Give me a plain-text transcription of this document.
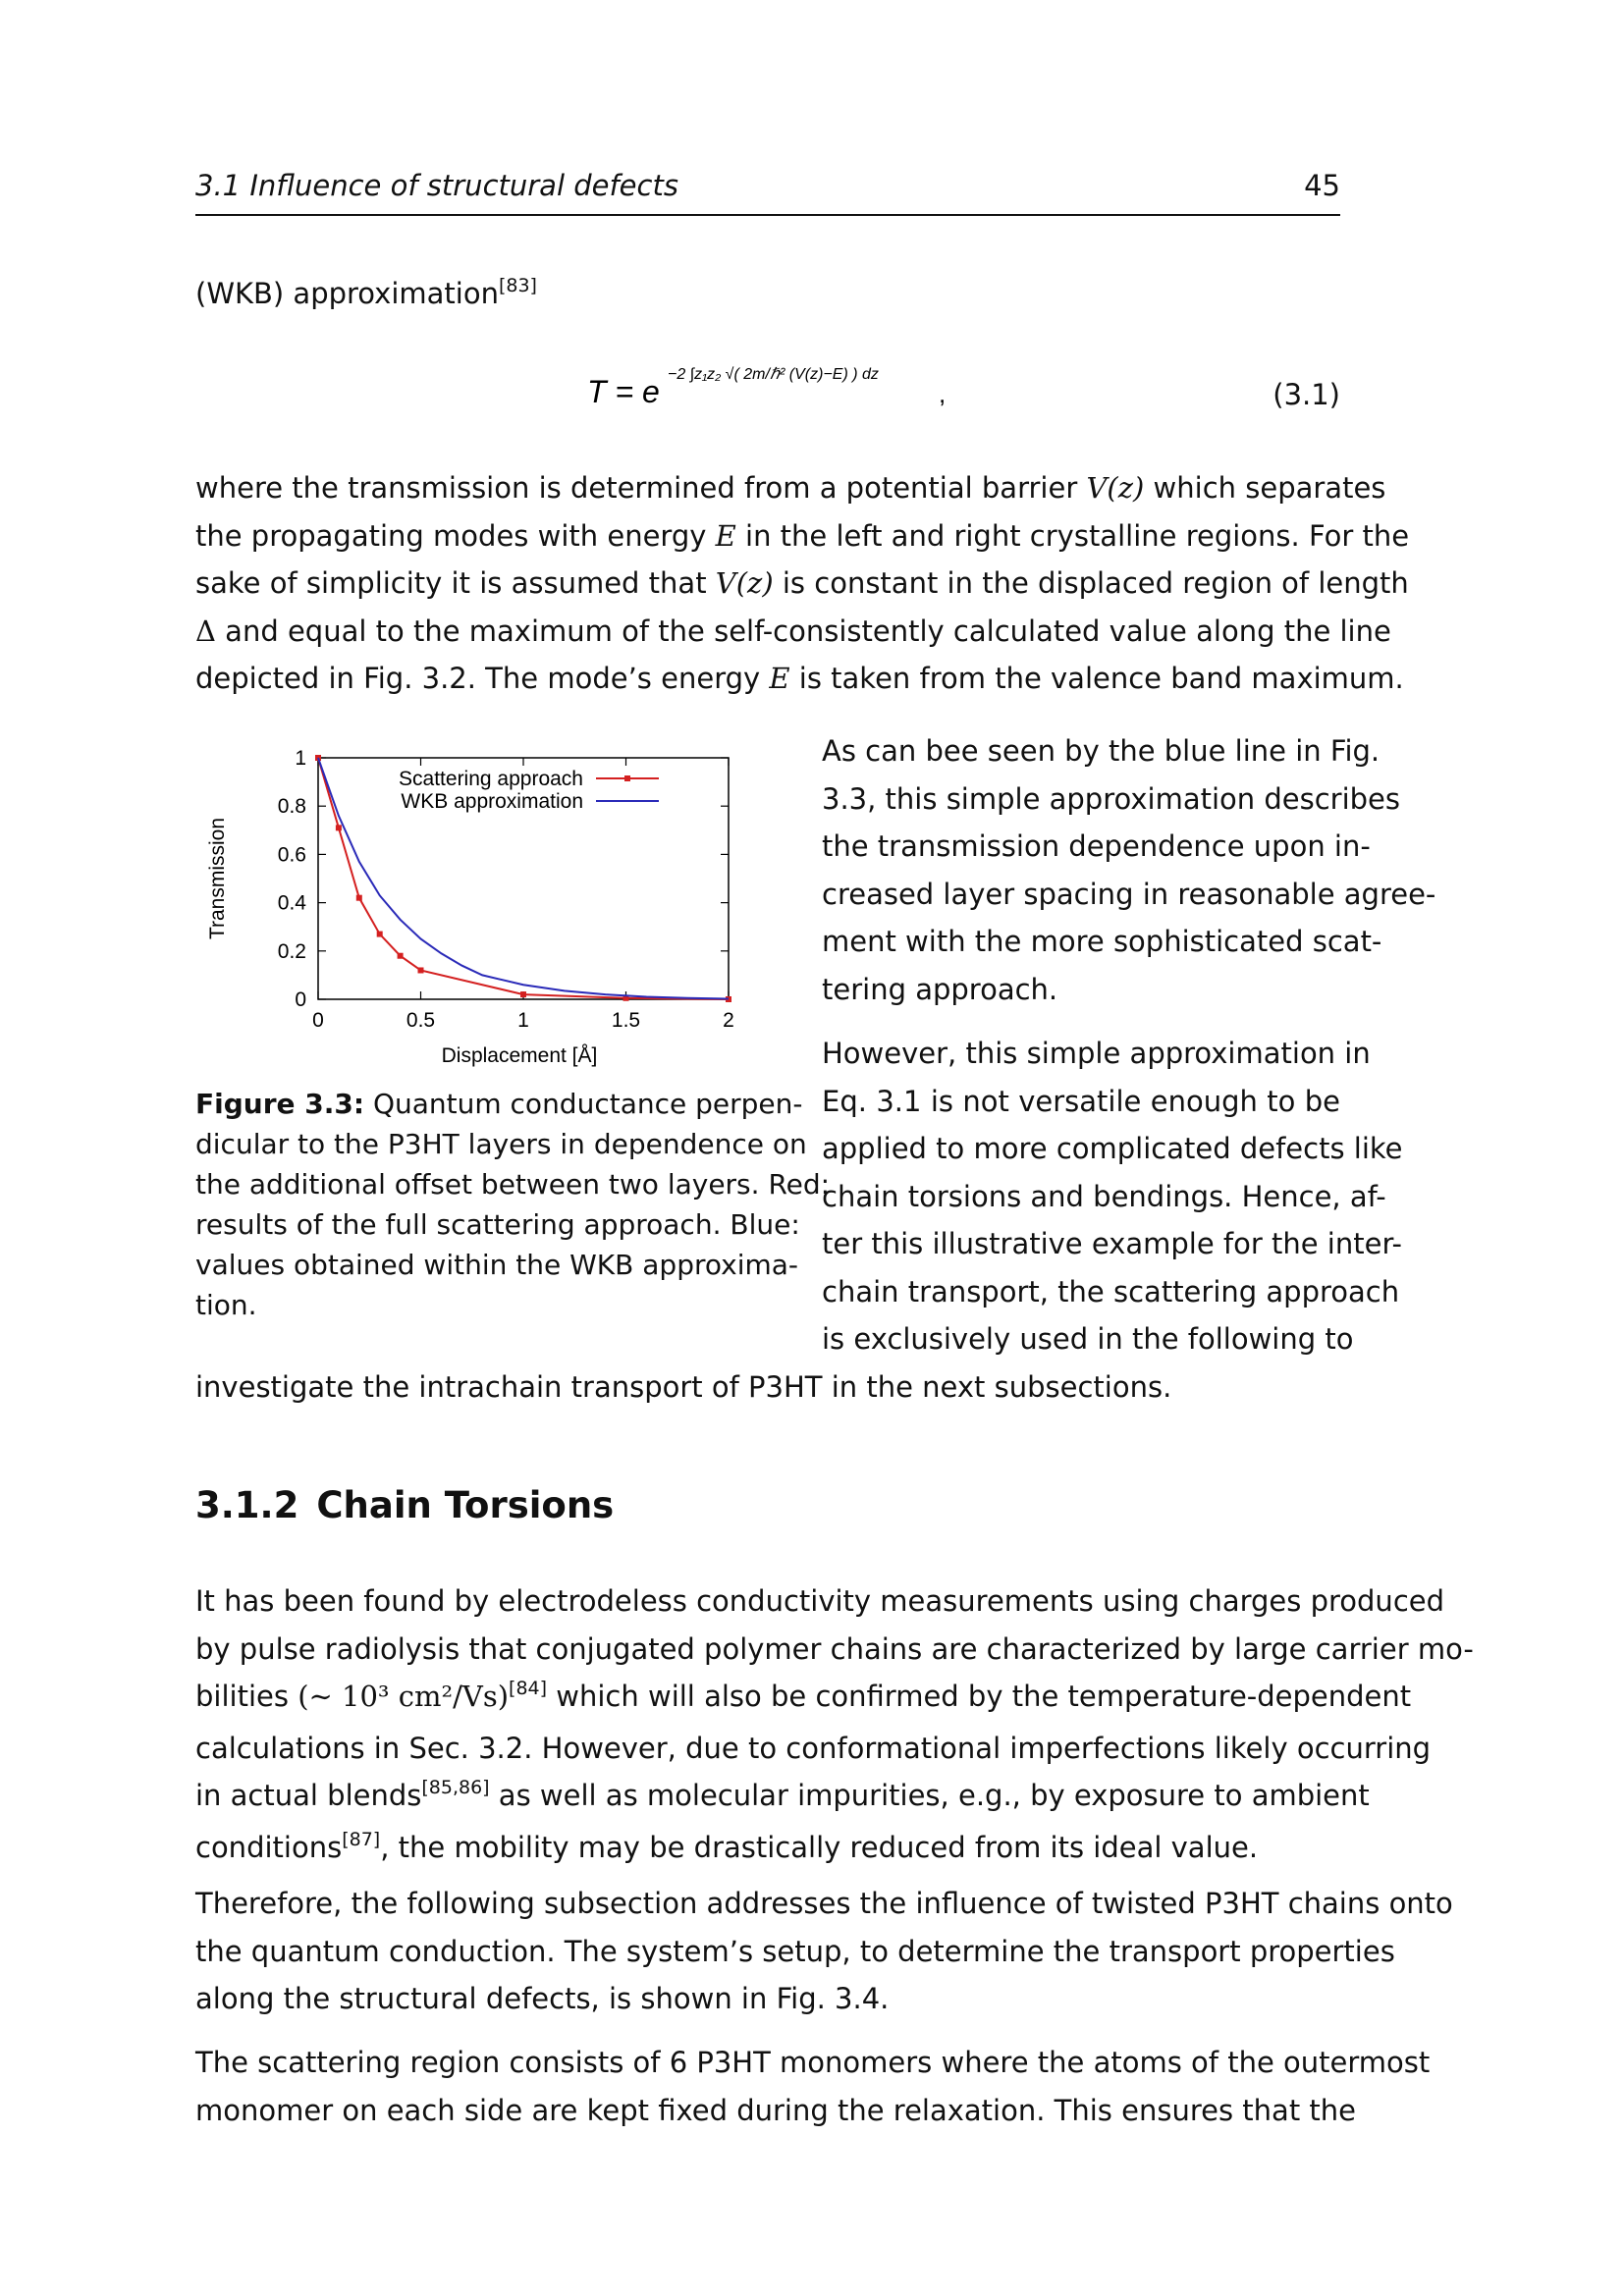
3.1 Influence of structural defects	45
(WKB) approximation[83]
T = e −2 ∫z₁z₂ √( 2m/ℏ² (V(z)−E) ) dz
,	(3.1)
where the transmission is determined from a potential barrier V(z) which separates
the propagating modes with energy E in the left and right crystalline regions. For the
sake of simplicity it is assumed that V(z) is constant in the displaced region of length
Δ and equal to the maximum of the self-consistently calculated value along the line
depicted in Fig. 3.2. The mode’s energy E is taken from the valence band maximum.
0
0.2
0.4
0.6
0.8
1
0	0.5	1	1.5	2
Displacement [Å]
Transmission
Scattering approach
WKB approximation
Figure 3.3: Quantum conductance perpen-
dicular to the P3HT layers in dependence on
the additional offset between two layers. Red:
results of the full scattering approach. Blue:
values obtained within the WKB approxima-
tion.
As can bee seen by the blue line in Fig.
3.3, this simple approximation describes
the transmission dependence upon in-
creased layer spacing in reasonable agree-
ment with the more sophisticated scat-
tering approach.
However, this simple approximation in
Eq. 3.1 is not versatile enough to be
applied to more complicated defects like
chain torsions and bendings. Hence, af-
ter this illustrative example for the inter-
chain transport, the scattering approach
is exclusively used in the following to
investigate the intrachain transport of P3HT in the next subsections.
3.1.2 Chain Torsions
It has been found by electrodeless conductivity measurements using charges produced
by pulse radiolysis that conjugated polymer chains are characterized by large carrier mo-
bilities (∼ 10³ cm²/Vs)[84] which will also be confirmed by the temperature-dependent
calculations in Sec. 3.2. However, due to conformational imperfections likely occurring
in actual blends[85,86] as well as molecular impurities, e.g., by exposure to ambient
conditions[87], the mobility may be drastically reduced from its ideal value.
Therefore, the following subsection addresses the influence of twisted P3HT chains onto
the quantum conduction. The system’s setup, to determine the transport properties
along the structural defects, is shown in Fig. 3.4.
The scattering region consists of 6 P3HT monomers where the atoms of the outermost
monomer on each side are kept fixed during the relaxation. This ensures that the
